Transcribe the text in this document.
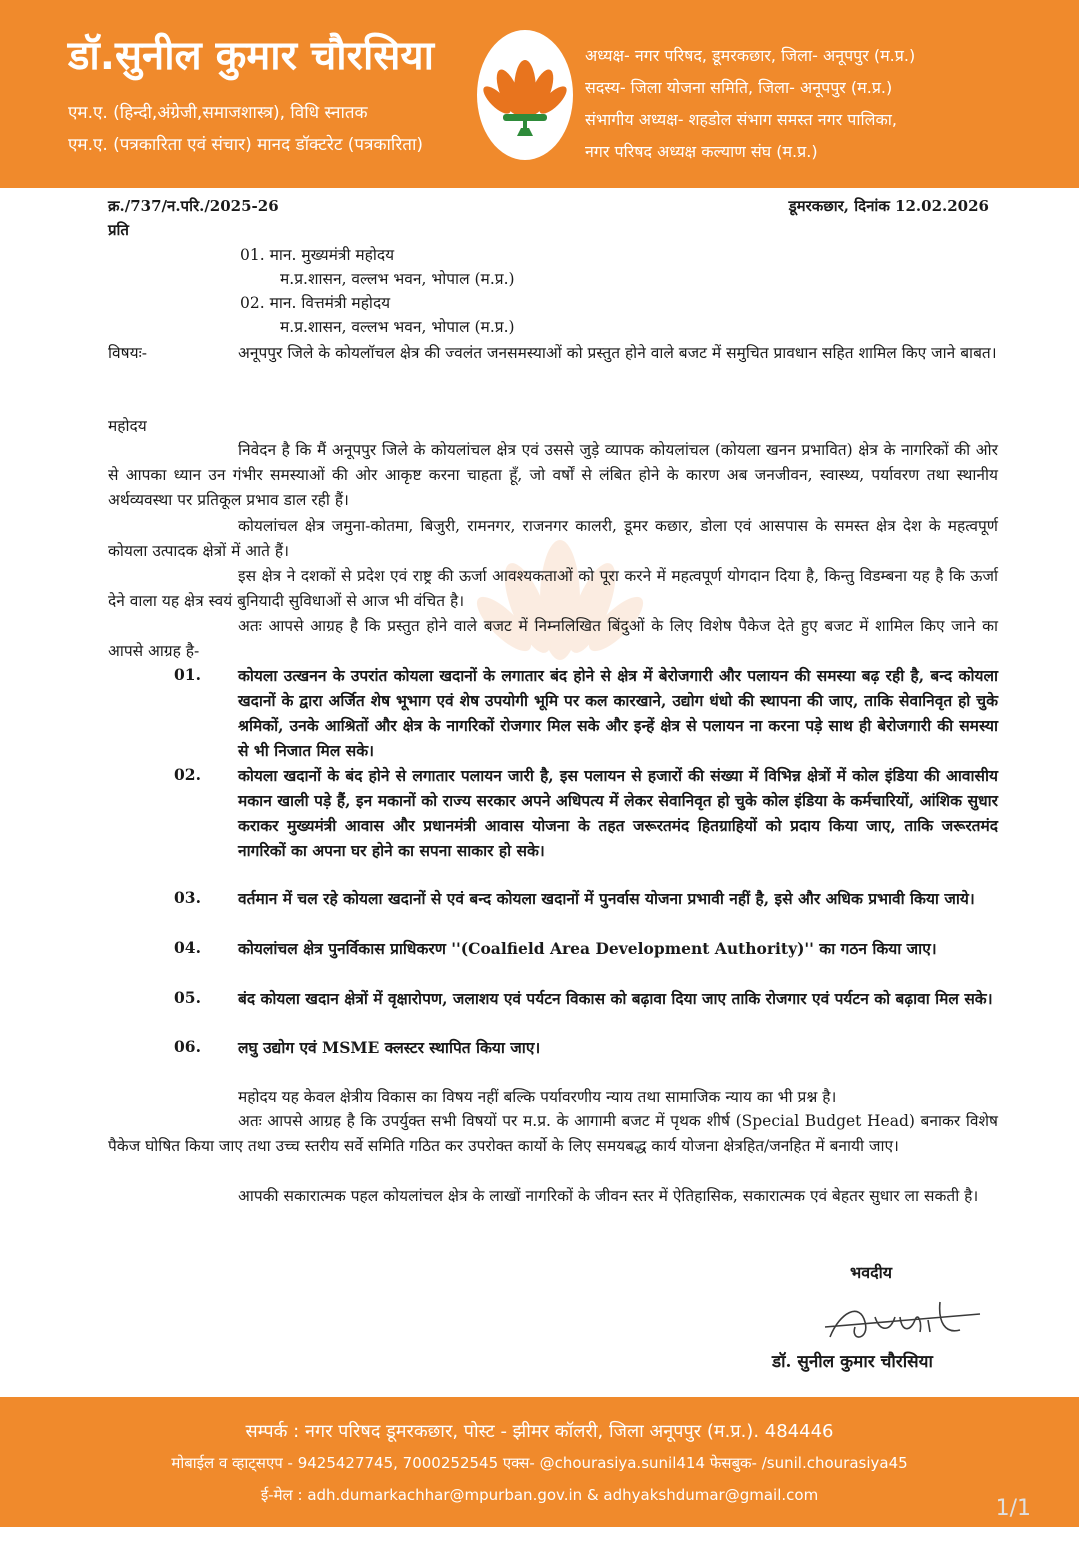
डॉ.सुनील कुमार चौरसिया
एम.ए. (हिन्दी,अंग्रेजी,समाजशास्त्र), विधि स्नातक
एम.ए. (पत्रकारिता एवं संचार) मानद डॉक्टरेट (पत्रकारिता)
अध्यक्ष- नगर परिषद, डूमरकछार, जिला- अनूपपुर (म.प्र.)
सदस्य- जिला योजना समिति, जिला- अनूपपुर (म.प्र.)
संभागीय अध्यक्ष- शहडोल संभाग समस्त नगर पालिका,
नगर परिषद अध्यक्ष कल्याण संघ (म.प्र.)
क्र./737/न.परि./2025-26	डूमरकछार, दिनांक 12.02.2026
प्रति
01. मान. मुख्यमंत्री महोदय
म.प्र.शासन, वल्लभ भवन, भोपाल (म.प्र.)
02. मान. वित्तमंत्री महोदय
म.प्र.शासन, वल्लभ भवन, भोपाल (म.प्र.)
विषयः-	अनूपपुर जिले के कोयलॉचल क्षेत्र की ज्वलंत जनसमस्याओं को प्रस्तुत होने वाले बजट में समुचित प्रावधान सहित शामिल किए जाने बाबत।
महोदय
निवेदन है कि मैं अनूपपुर जिले के कोयलांचल क्षेत्र एवं उससे जुड़े व्यापक कोयलांचल (कोयला खनन प्रभावित) क्षेत्र के नागरिकों की ओर से आपका ध्यान उन गंभीर समस्याओं की ओर आकृष्ट करना चाहता हूँ, जो वर्षों से लंबित होने के कारण अब जनजीवन, स्वास्थ्य, पर्यावरण तथा स्थानीय अर्थव्यवस्था पर प्रतिकूल प्रभाव डाल रही हैं।
कोयलांचल क्षेत्र जमुना-कोतमा, बिजुरी, रामनगर, राजनगर कालरी, डूमर कछार, डोला एवं आसपास के समस्त क्षेत्र देश के महत्वपूर्ण कोयला उत्पादक क्षेत्रों में आते हैं।
इस क्षेत्र ने दशकों से प्रदेश एवं राष्ट्र की ऊर्जा आवश्यकताओं को पूरा करने में महत्वपूर्ण योगदान दिया है, किन्तु विडम्बना यह है कि ऊर्जा देने वाला यह क्षेत्र स्वयं बुनियादी सुविधाओं से आज भी वंचित है।
अतः आपसे आग्रह है कि प्रस्तुत होने वाले बजट में निम्नलिखित बिंदुओं के लिए विशेष पैकेज देते हुए बजट में शामिल किए जाने का आपसे आग्रह है-
01. कोयला उत्खनन के उपरांत कोयला खदानों के लगातार बंद होने से क्षेत्र में बेरोजगारी और पलायन की समस्या बढ़ रही है, बन्द कोयला खदानों के द्वारा अर्जित शेष भूभाग एवं शेष उपयोगी भूमि पर कल कारखाने, उद्योग धंधो की स्थापना की जाए, ताकि सेवानिवृत हो चुके श्रमिकों, उनके आश्रितों और क्षेत्र के नागरिकों रोजगार मिल सके और इन्हें क्षेत्र से पलायन ना करना पड़े साथ ही बेरोजगारी की समस्या से भी निजात मिल सके।
02. कोयला खदानों के बंद होने से लगातार पलायन जारी है, इस पलायन से हजारों की संख्या में विभिन्न क्षेत्रों में कोल इंडिया की आवासीय मकान खाली पड़े हैं, इन मकानों को राज्य सरकार अपने अधिपत्य में लेकर सेवानिवृत हो चुके कोल इंडिया के कर्मचारियों, आंशिक सुधार कराकर मुख्यमंत्री आवास और प्रधानमंत्री आवास योजना के तहत जरूरतमंद हितग्राहियों को प्रदाय किया जाए, ताकि जरूरतमंद नागरिकों का अपना घर होने का सपना साकार हो सके।
03. वर्तमान में चल रहे कोयला खदानों से एवं बन्द कोयला खदानों में पुनर्वास योजना प्रभावी नहीं है, इसे और अधिक प्रभावी किया जाये।
04. कोयलांचल क्षेत्र पुनर्विकास प्राधिकरण ''(Coalfield Area Development Authority)'' का गठन किया जाए।
05. बंद कोयला खदान क्षेत्रों में वृक्षारोपण, जलाशय एवं पर्यटन विकास को बढ़ावा दिया जाए ताकि रोजगार एवं पर्यटन को बढ़ावा मिल सके।
06. लघु उद्योग एवं MSME क्लस्टर स्थापित किया जाए।
महोदय यह केवल क्षेत्रीय विकास का विषय नहीं बल्कि पर्यावरणीय न्याय तथा सामाजिक न्याय का भी प्रश्न है।
अतः आपसे आग्रह है कि उपर्युक्त सभी विषयों पर म.प्र. के आगामी बजट में पृथक शीर्ष (Special Budget Head) बनाकर विशेष पैकेज घोषित किया जाए तथा उच्च स्तरीय सर्वे समिति गठित कर उपरोक्त कार्यो के लिए समयबद्ध कार्य योजना क्षेत्रहित/जनहित में बनायी जाए।
आपकी सकारात्मक पहल कोयलांचल क्षेत्र के लाखों नागरिकों के जीवन स्तर में ऐतिहासिक, सकारात्मक एवं बेहतर सुधार ला सकती है।
भवदीय
डॉ. सुनील कुमार चौरसिया
सम्पर्क : नगर परिषद डूमरकछार, पोस्ट - झीमर कॉलरी, जिला अनूपपुर (म.प्र.). 484446
मोबाईल व व्हाट्सएप - 9425427745, 7000252545 एक्स- @chourasiya.sunil414 फेसबुक- /sunil.chourasiya45
ई-मेल : adh.dumarkachhar@mpurban.gov.in & adhyakshdumar@gmail.com
1/1
